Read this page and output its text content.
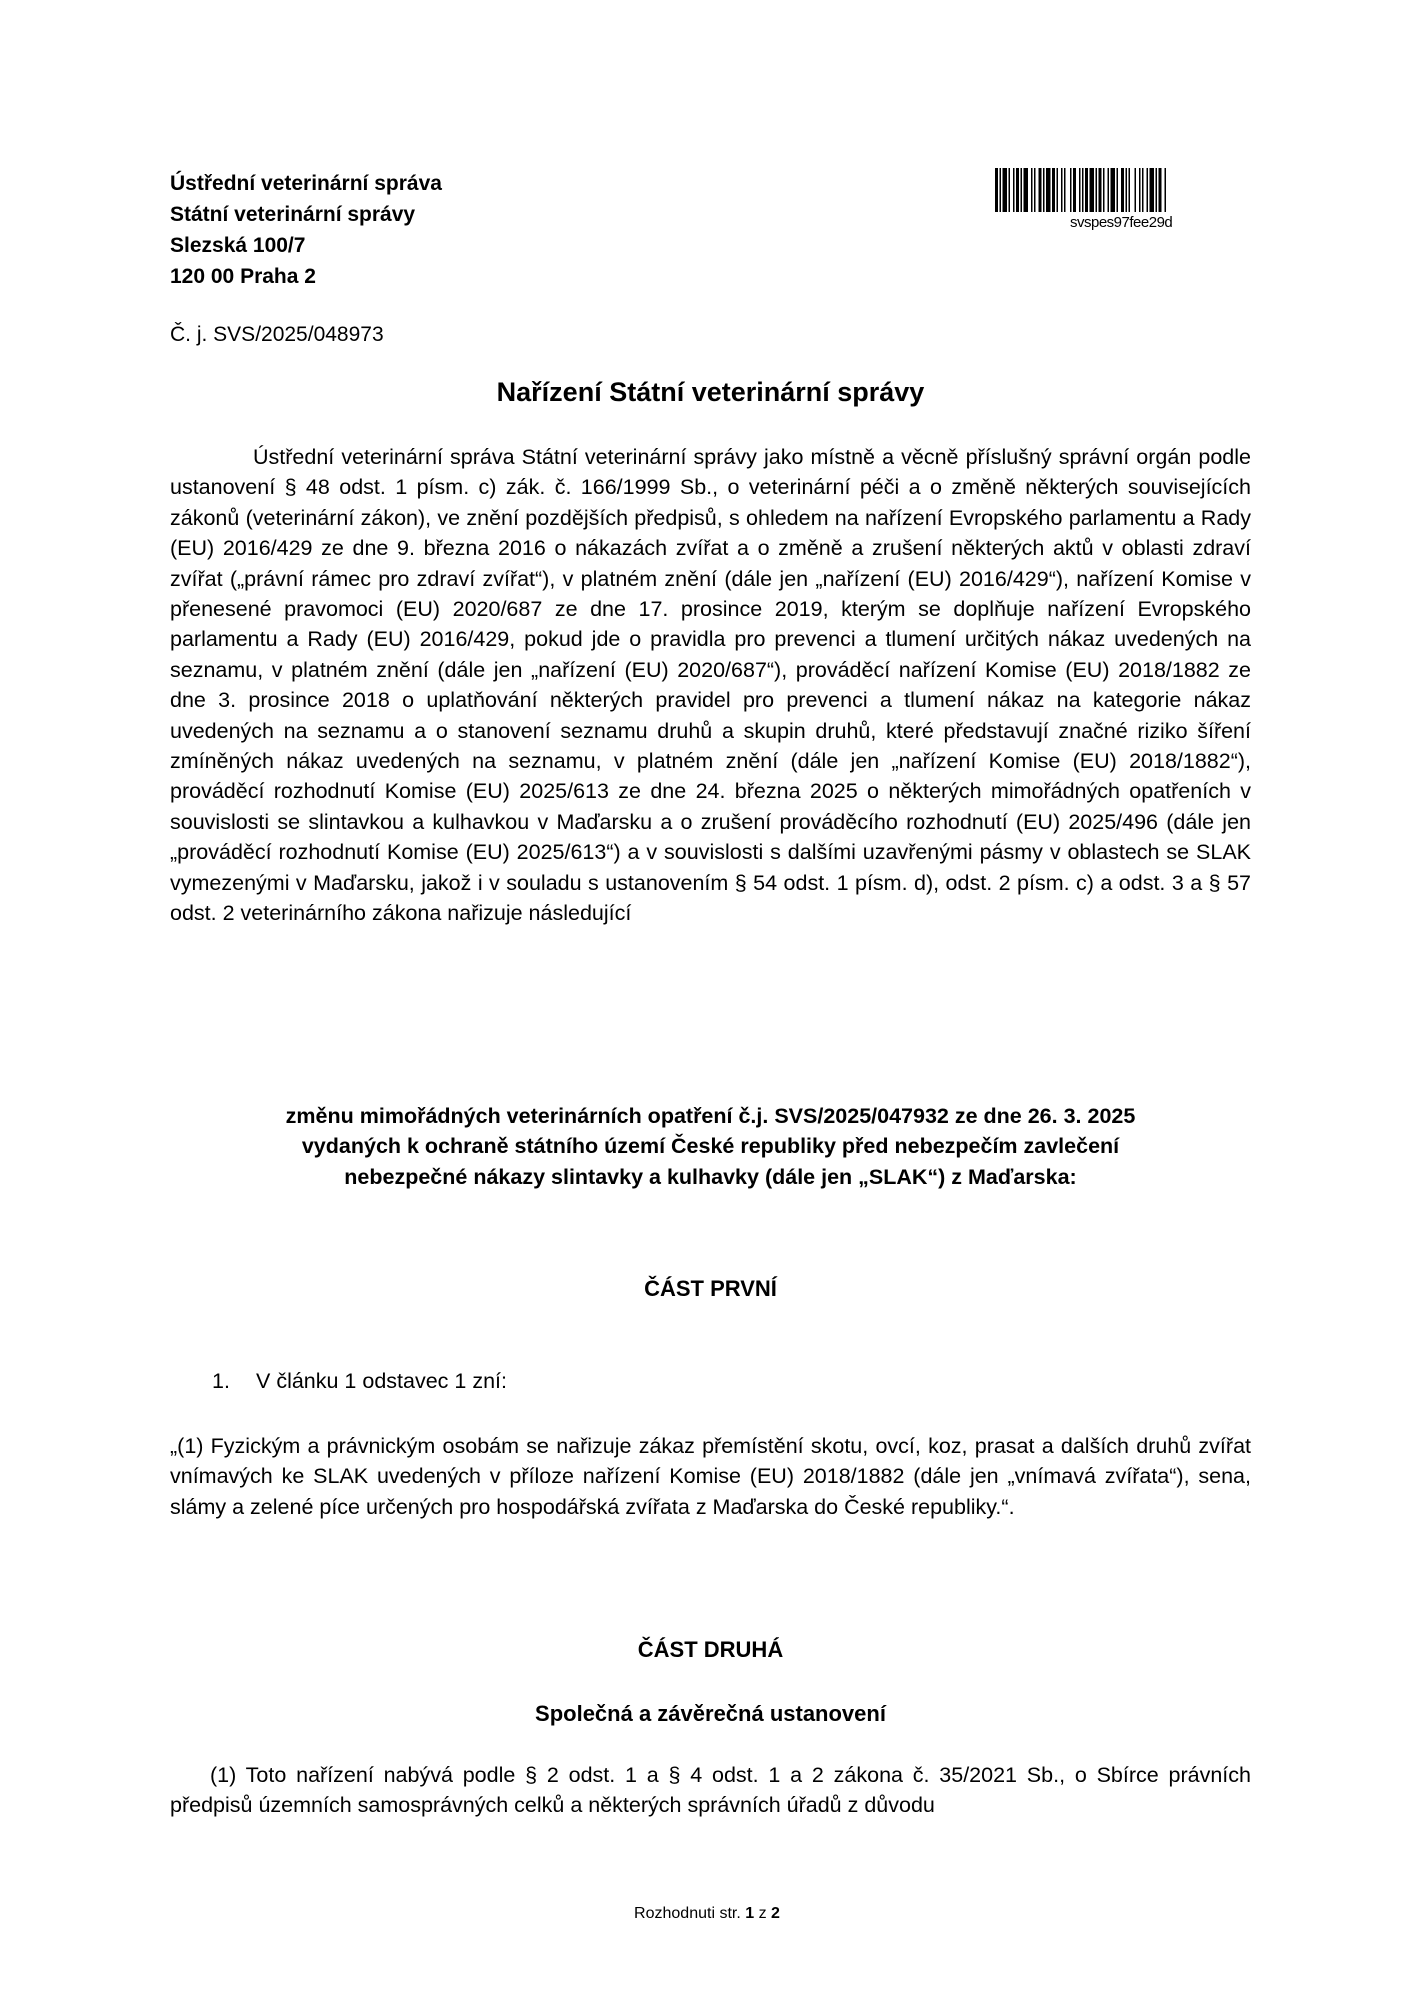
Ústřední veterinární správa
Státní veterinární správy
Slezská 100/7
120 00 Praha 2
svspes97fee29d
Č. j. SVS/2025/048973
Nařízení Státní veterinární správy
Ústřední veterinární správa Státní veterinární správy jako místně a věcně příslušný správní orgán podle ustanovení § 48 odst. 1 písm. c) zák. č. 166/1999 Sb., o veterinární péči a o změně některých souvisejících zákonů (veterinární zákon), ve znění pozdějších předpisů, s ohledem na nařízení Evropského parlamentu a Rady (EU) 2016/429 ze dne 9. března 2016 o nákazách zvířat a o změně a zrušení některých aktů v oblasti zdraví zvířat („právní rámec pro zdraví zvířat“), v platném znění (dále jen „nařízení (EU) 2016/429“), nařízení Komise v přenesené pravomoci (EU) 2020/687 ze dne 17. prosince 2019, kterým se doplňuje nařízení Evropského parlamentu a Rady (EU) 2016/429, pokud jde o pravidla pro prevenci a tlumení určitých nákaz uvedených na seznamu, v platném znění (dále jen „nařízení (EU) 2020/687“), prováděcí nařízení Komise (EU) 2018/1882 ze dne 3. prosince 2018 o uplatňování některých pravidel pro prevenci a tlumení nákaz na kategorie nákaz uvedených na seznamu a o stanovení seznamu druhů a skupin druhů, které představují značné riziko šíření zmíněných nákaz uvedených na seznamu, v platném znění (dále jen „nařízení Komise (EU) 2018/1882“), prováděcí rozhodnutí Komise (EU) 2025/613 ze dne 24. března 2025 o některých mimořádných opatřeních v souvislosti se slintavkou a kulhavkou v Maďarsku a o zrušení prováděcího rozhodnutí (EU) 2025/496 (dále jen „prováděcí rozhodnutí Komise (EU) 2025/613“) a v souvislosti s dalšími uzavřenými pásmy v oblastech se SLAK vymezenými v Maďarsku, jakož i v souladu s ustanovením § 54 odst. 1 písm. d), odst. 2 písm. c) a odst. 3 a § 57 odst. 2 veterinárního zákona nařizuje následující
změnu mimořádných veterinárních opatření č.j. SVS/2025/047932 ze dne 26. 3. 2025
vydaných k ochraně státního území České republiky před nebezpečím zavlečení
nebezpečné nákazy slintavky a kulhavky (dále jen „SLAK“) z Maďarska:
ČÁST PRVNÍ
1. V článku 1 odstavec 1 zní:
„(1) Fyzickým a právnickým osobám se nařizuje zákaz přemístění skotu, ovcí, koz, prasat a dalších druhů zvířat vnímavých ke SLAK uvedených v příloze nařízení Komise (EU) 2018/1882 (dále jen „vnímavá zvířata“), sena, slámy a zelené píce určených pro hospodářská zvířata z Maďarska do České republiky.“.
ČÁST DRUHÁ
Společná a závěrečná ustanovení
(1) Toto nařízení nabývá podle § 2 odst. 1 a § 4 odst. 1 a 2 zákona č. 35/2021 Sb., o Sbírce právních předpisů územních samosprávných celků a některých správních úřadů z důvodu
Rozhodnuti str. 1 z 2
